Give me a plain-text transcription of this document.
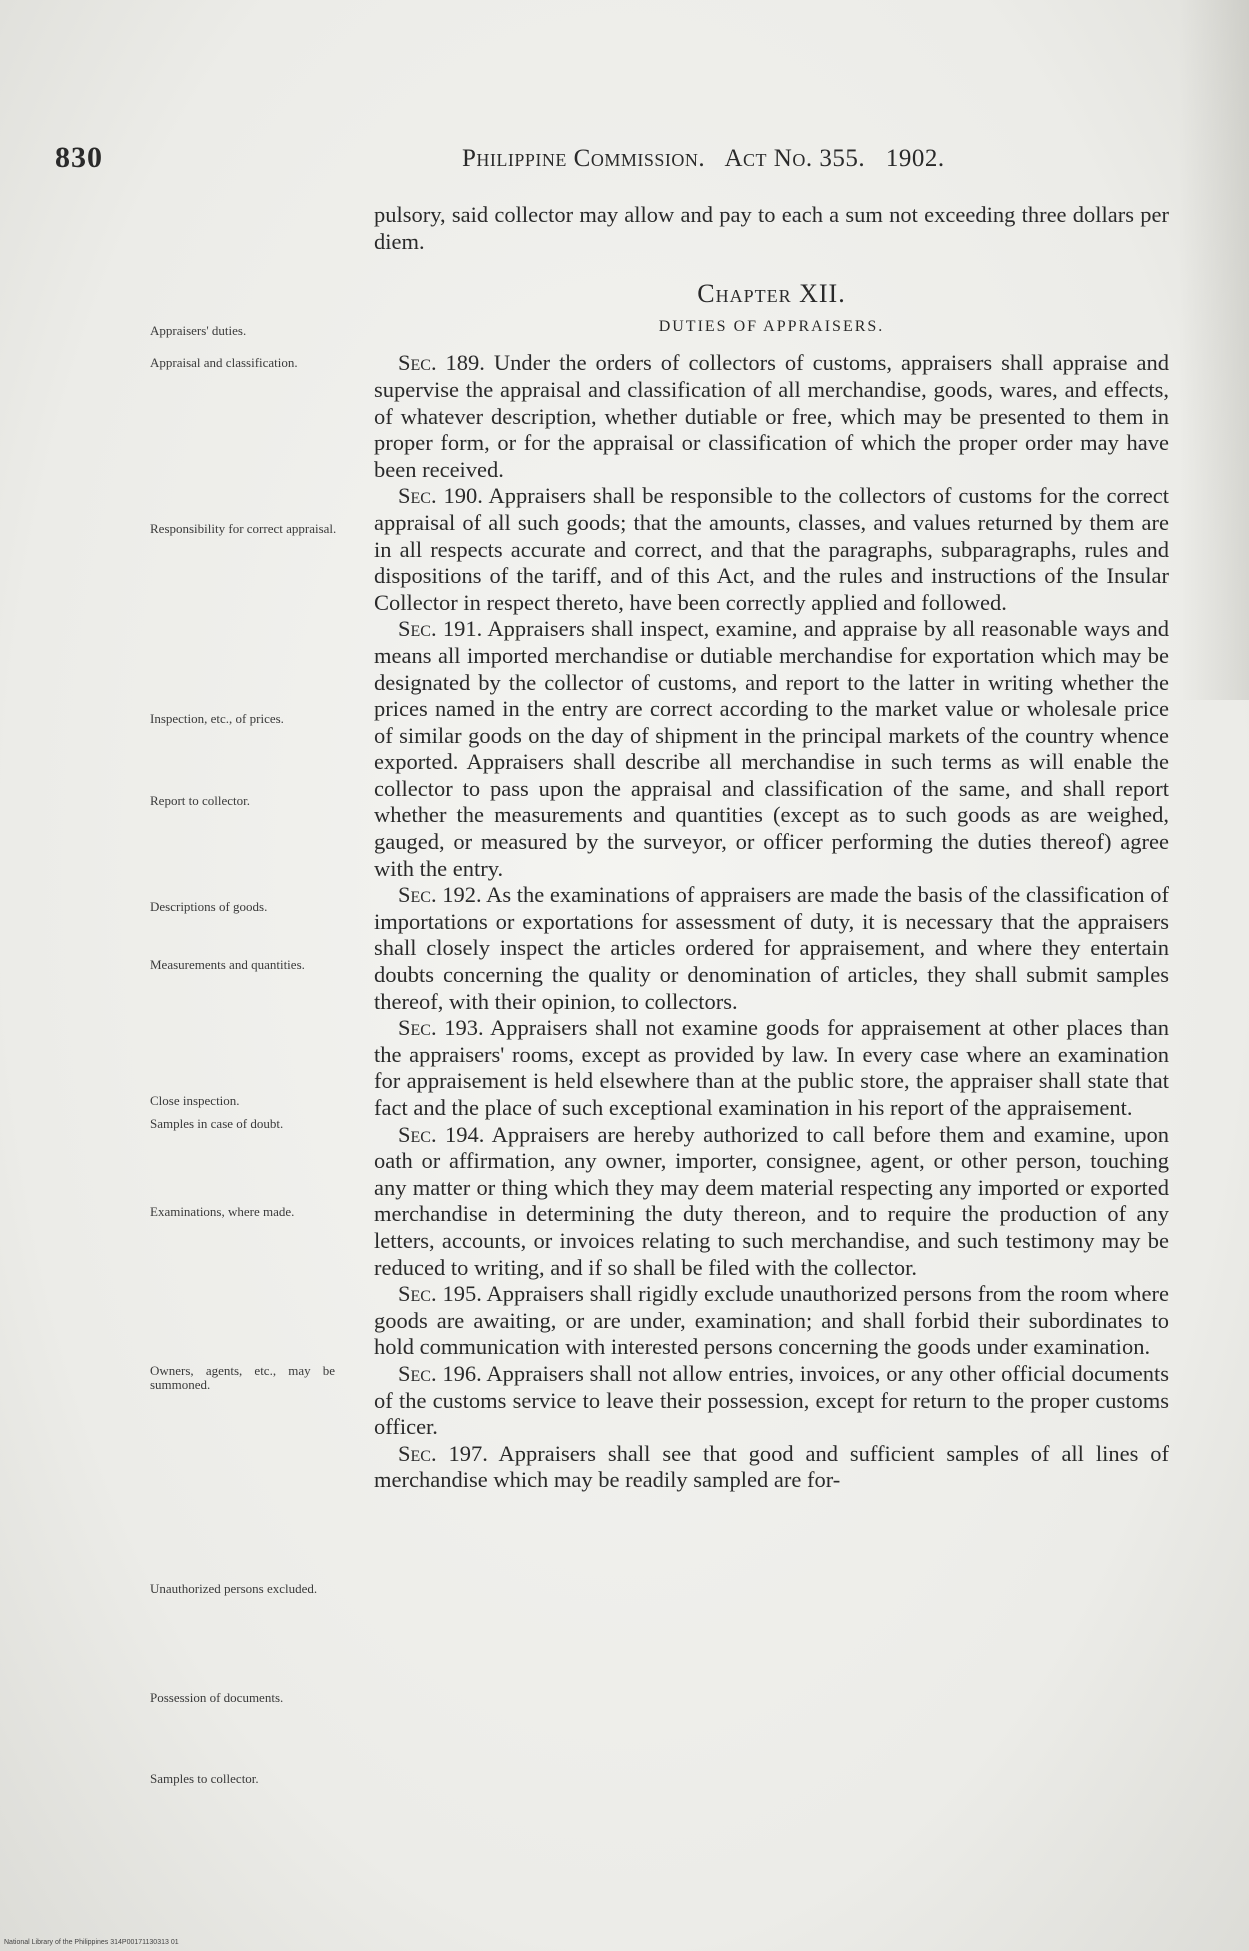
830	Philippine Commission. Act No. 355. 1902.
Appraisers' duties.
Appraisal and classification.
Responsibility for correct appraisal.
Inspection, etc., of prices.
Report to collector.
Descriptions of goods.
Measurements and quantities.
Close inspection.
Samples in case of doubt.
Examinations, where made.
Owners, agents, etc., may be summoned.
Unauthorized persons excluded.
Possession of documents.
Samples to collector.

pulsory, said collector may allow and pay to each a sum not exceeding three dollars per diem.

Chapter XII.
DUTIES OF APPRAISERS.

Sec. 189. Under the orders of collectors of customs, appraisers shall appraise and supervise the appraisal and classification of all merchandise, goods, wares, and effects, of whatever description, whether dutiable or free, which may be presented to them in proper form, or for the appraisal or classification of which the proper order may have been received.

Sec. 190. Appraisers shall be responsible to the collectors of customs for the correct appraisal of all such goods; that the amounts, classes, and values returned by them are in all respects accurate and correct, and that the paragraphs, subparagraphs, rules and dispositions of the tariff, and of this Act, and the rules and instructions of the Insular Collector in respect thereto, have been correctly applied and followed.

Sec. 191. Appraisers shall inspect, examine, and appraise by all reasonable ways and means all imported merchandise or dutiable merchandise for exportation which may be designated by the collector of customs, and report to the latter in writing whether the prices named in the entry are correct according to the market value or wholesale price of similar goods on the day of shipment in the principal markets of the country whence exported. Appraisers shall describe all merchandise in such terms as will enable the collector to pass upon the appraisal and classification of the same, and shall report whether the measurements and quantities (except as to such goods as are weighed, gauged, or measured by the surveyor, or officer performing the duties thereof) agree with the entry.

Sec. 192. As the examinations of appraisers are made the basis of the classification of importations or exportations for assessment of duty, it is necessary that the appraisers shall closely inspect the articles ordered for appraisement, and where they entertain doubts concerning the quality or denomination of articles, they shall submit samples thereof, with their opinion, to collectors.

Sec. 193. Appraisers shall not examine goods for appraisement at other places than the appraisers' rooms, except as provided by law. In every case where an examination for appraisement is held elsewhere than at the public store, the appraiser shall state that fact and the place of such exceptional examination in his report of the appraisement.

Sec. 194. Appraisers are hereby authorized to call before them and examine, upon oath or affirmation, any owner, importer, consignee, agent, or other person, touching any matter or thing which they may deem material respecting any imported or exported merchandise in determining the duty thereon, and to require the production of any letters, accounts, or invoices relating to such merchandise, and such testimony may be reduced to writing, and if so shall be filed with the collector.

Sec. 195. Appraisers shall rigidly exclude unauthorized persons from the room where goods are awaiting, or are under, examination; and shall forbid their subordinates to hold communication with interested persons concerning the goods under examination.

Sec. 196. Appraisers shall not allow entries, invoices, or any other official documents of the customs service to leave their possession, except for return to the proper customs officer.

Sec. 197. Appraisers shall see that good and sufficient samples of all lines of merchandise which may be readily sampled are for-

National Library of the Philippines 314P00171130313 01
